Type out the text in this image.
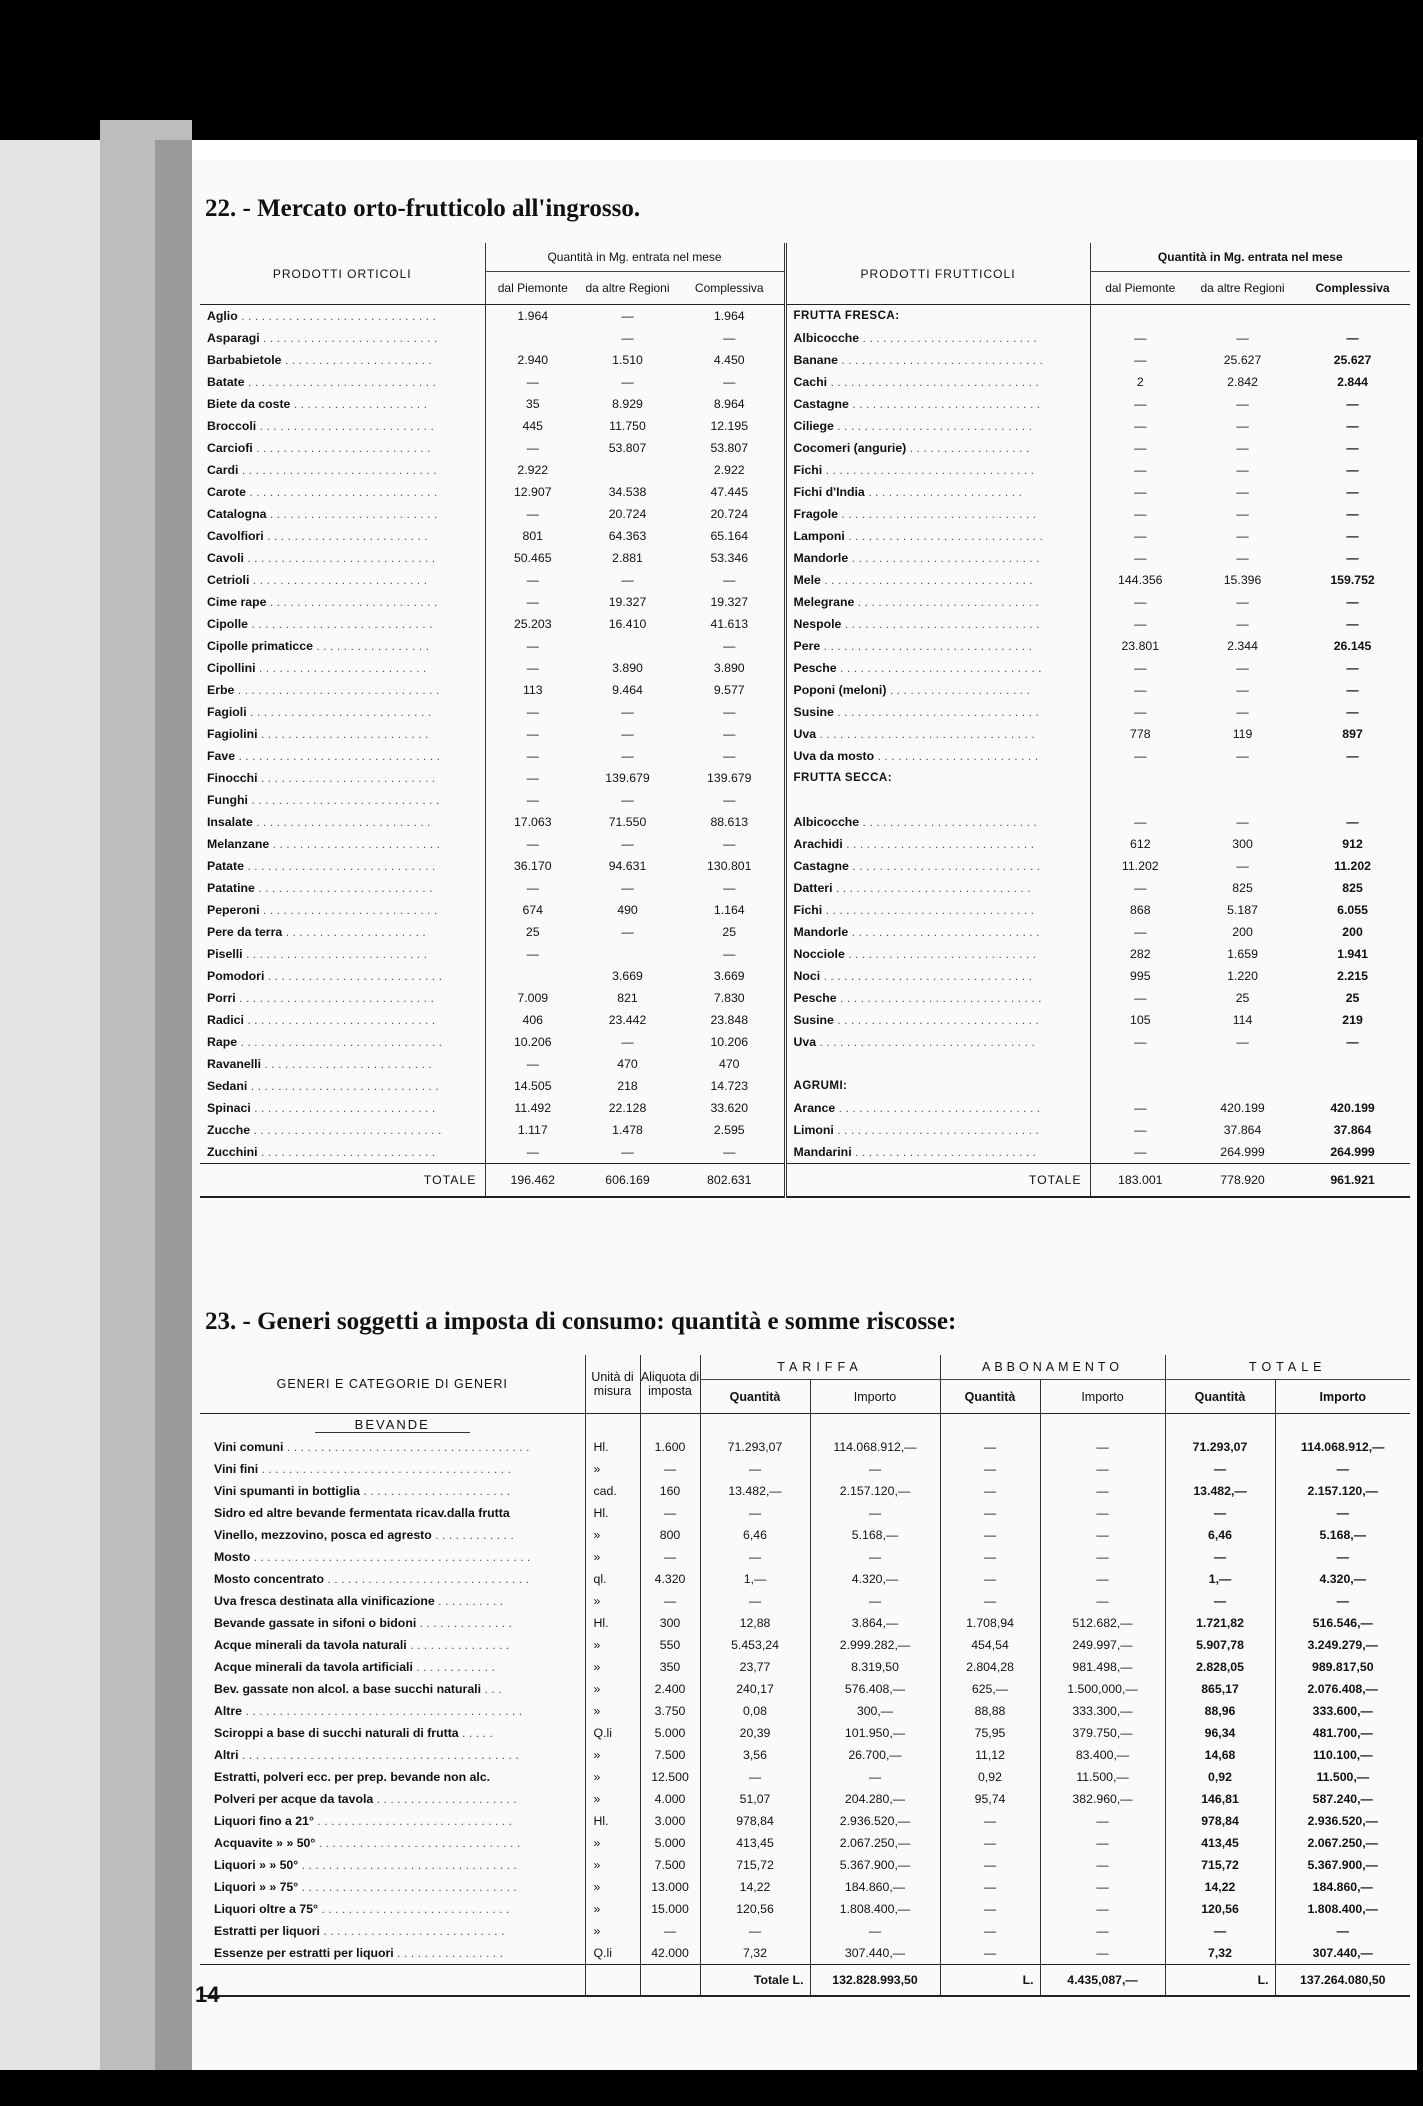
22. - Mercato orto-frutticolo all'ingrosso.
PRODOTTI ORTICOLI	Quantità in Mg. entrata nel mese			PRODOTTI FRUTTICOLI	Quantità in Mg. entrata nel mese		
	dal Piemonte	da altre Regioni	Complessiva		dal Piemonte	da altre Regioni	Complessiva
Aglio . . . . . . . . . . . . . . . . . . . . . . . . . . . . .	1.964	—	1.964	FRUTTA FRESCA:			
Asparagi . . . . . . . . . . . . . . . . . . . . . . . . . .		—	—	Albicocche . . . . . . . . . . . . . . . . . . . . . . . . . .	—	—	—
Barbabietole . . . . . . . . . . . . . . . . . . . . . .	2.940	1.510	4.450	Banane . . . . . . . . . . . . . . . . . . . . . . . . . . . . . .	—	25.627	25.627
Batate . . . . . . . . . . . . . . . . . . . . . . . . . . . .	—	—	—	Cachi . . . . . . . . . . . . . . . . . . . . . . . . . . . . . . .	2	2.842	2.844
Biete da coste . . . . . . . . . . . . . . . . . . . .	35	8.929	8.964	Castagne . . . . . . . . . . . . . . . . . . . . . . . . . . . .	—	—	—
Broccoli . . . . . . . . . . . . . . . . . . . . . . . . . .	445	11.750	12.195	Ciliege . . . . . . . . . . . . . . . . . . . . . . . . . . . . .	—	—	—
Carciofi . . . . . . . . . . . . . . . . . . . . . . . . . .	—	53.807	53.807	Cocomeri (angurie) . . . . . . . . . . . . . . . . . .	—	—	—
Cardi . . . . . . . . . . . . . . . . . . . . . . . . . . . . .	2.922		2.922	Fichi . . . . . . . . . . . . . . . . . . . . . . . . . . . . . . .	—	—	—
Carote . . . . . . . . . . . . . . . . . . . . . . . . . . . .	12.907	34.538	47.445	Fichi d'India . . . . . . . . . . . . . . . . . . . . . . .	—	—	—
Catalogna . . . . . . . . . . . . . . . . . . . . . . . . .	—	20.724	20.724	Fragole . . . . . . . . . . . . . . . . . . . . . . . . . . . . .	—	—	—
Cavolfiori . . . . . . . . . . . . . . . . . . . . . . . .	801	64.363	65.164	Lamponi . . . . . . . . . . . . . . . . . . . . . . . . . . . . .	—	—	—
Cavoli . . . . . . . . . . . . . . . . . . . . . . . . . . . .	50.465	2.881	53.346	Mandorle . . . . . . . . . . . . . . . . . . . . . . . . . . . .	—	—	—
Cetrioli . . . . . . . . . . . . . . . . . . . . . . . . . .	—	—	—	Mele . . . . . . . . . . . . . . . . . . . . . . . . . . . . . . .	144.356	15.396	159.752
Cime rape . . . . . . . . . . . . . . . . . . . . . . . . .	—	19.327	19.327	Melegrane . . . . . . . . . . . . . . . . . . . . . . . . . . .	—	—	—
Cipolle . . . . . . . . . . . . . . . . . . . . . . . . . . .	25.203	16.410	41.613	Nespole . . . . . . . . . . . . . . . . . . . . . . . . . . . . .	—	—	—
Cipolle primaticce . . . . . . . . . . . . . . . . .	—		—	Pere . . . . . . . . . . . . . . . . . . . . . . . . . . . . . . .	23.801	2.344	26.145
Cipollini . . . . . . . . . . . . . . . . . . . . . . . . .	—	3.890	3.890	Pesche . . . . . . . . . . . . . . . . . . . . . . . . . . . . . .	—	—	—
Erbe . . . . . . . . . . . . . . . . . . . . . . . . . . . . . .	113	9.464	9.577	Poponi (meloni) . . . . . . . . . . . . . . . . . . . . .	—	—	—
Fagioli . . . . . . . . . . . . . . . . . . . . . . . . . . .	—	—	—	Susine . . . . . . . . . . . . . . . . . . . . . . . . . . . . . .	—	—	—
Fagiolini . . . . . . . . . . . . . . . . . . . . . . . . .	—	—	—	Uva . . . . . . . . . . . . . . . . . . . . . . . . . . . . . . . .	778	119	897
Fave . . . . . . . . . . . . . . . . . . . . . . . . . . . . . .	—	—	—	Uva da mosto . . . . . . . . . . . . . . . . . . . . . . . .	—	—	—
Finocchi . . . . . . . . . . . . . . . . . . . . . . . . . .	—	139.679	139.679	FRUTTA SECCA:			
Funghi . . . . . . . . . . . . . . . . . . . . . . . . . . . .	—	—	—				
Insalate . . . . . . . . . . . . . . . . . . . . . . . . . .	17.063	71.550	88.613	Albicocche . . . . . . . . . . . . . . . . . . . . . . . . . .	—	—	—
Melanzane . . . . . . . . . . . . . . . . . . . . . . . . .	—	—	—	Arachidi . . . . . . . . . . . . . . . . . . . . . . . . . . . .	612	300	912
Patate . . . . . . . . . . . . . . . . . . . . . . . . . . . .	36.170	94.631	130.801	Castagne . . . . . . . . . . . . . . . . . . . . . . . . . . . .	11.202	—	11.202
Patatine . . . . . . . . . . . . . . . . . . . . . . . . . .	—	—	—	Datteri . . . . . . . . . . . . . . . . . . . . . . . . . . . . .	—	825	825
Peperoni . . . . . . . . . . . . . . . . . . . . . . . . . .	674	490	1.164	Fichi . . . . . . . . . . . . . . . . . . . . . . . . . . . . . . .	868	5.187	6.055
Pere da terra . . . . . . . . . . . . . . . . . . . . .	25	—	25	Mandorle . . . . . . . . . . . . . . . . . . . . . . . . . . . .	—	200	200
Piselli . . . . . . . . . . . . . . . . . . . . . . . . . . .	—		—	Nocciole . . . . . . . . . . . . . . . . . . . . . . . . . . . .	282	1.659	1.941
Pomodori . . . . . . . . . . . . . . . . . . . . . . . . . .		3.669	3.669	Noci . . . . . . . . . . . . . . . . . . . . . . . . . . . . . . .	995	1.220	2.215
Porri . . . . . . . . . . . . . . . . . . . . . . . . . . . . .	7.009	821	7.830	Pesche . . . . . . . . . . . . . . . . . . . . . . . . . . . . . .	—	25	25
Radici . . . . . . . . . . . . . . . . . . . . . . . . . . . .	406	23.442	23.848	Susine . . . . . . . . . . . . . . . . . . . . . . . . . . . . . .	105	114	219
Rape . . . . . . . . . . . . . . . . . . . . . . . . . . . . . .	10.206	—	10.206	Uva . . . . . . . . . . . . . . . . . . . . . . . . . . . . . . . .	—	—	—
Ravanelli . . . . . . . . . . . . . . . . . . . . . . . . .	—	470	470				
Sedani . . . . . . . . . . . . . . . . . . . . . . . . . . . .	14.505	218	14.723	AGRUMI:			
Spinaci . . . . . . . . . . . . . . . . . . . . . . . . . . .	11.492	22.128	33.620	Arance . . . . . . . . . . . . . . . . . . . . . . . . . . . . . .	—	420.199	420.199
Zucche . . . . . . . . . . . . . . . . . . . . . . . . . . . .	1.117	1.478	2.595	Limoni . . . . . . . . . . . . . . . . . . . . . . . . . . . . . .	—	37.864	37.864
Zucchini . . . . . . . . . . . . . . . . . . . . . . . . . .	—	—	—	Mandarini . . . . . . . . . . . . . . . . . . . . . . . . . . .	—	264.999	264.999
TOTALE	196.462	606.169	802.631	TOTALE	183.001	778.920	961.921
23. - Generi soggetti a imposta di consumo: quantità e somme riscosse:
GENERI E CATEGORIE DI GENERI	Unità di misura	Aliquota di imposta	TARIFFA		ABBONAMENTO		TOTALE	
			Quantità	Importo	Quantità	Importo	Quantità	Importo
BEVANDE								
Vini comuni . . . . . . . . . . . . . . . . . . . . . . . . . . . . . . . . . . . .	Hl.	1.600	71.293,07	114.068.912,—	—	—	71.293,07	114.068.912,—
Vini fini . . . . . . . . . . . . . . . . . . . . . . . . . . . . . . . . . . . . .	»	—	—	—	—	—	—	—
Vini spumanti in bottiglia . . . . . . . . . . . . . . . . . . . . . .	cad.	160	13.482,—	2.157.120,—	—	—	13.482,—	2.157.120,—
Sidro ed altre bevande fermentata ricav.dalla frutta	Hl.	—	—	—	—	—	—	—
Vinello, mezzovino, posca ed agresto . . . . . . . . . . . .	»	800	6,46	5.168,—	—	—	6,46	5.168,—
Mosto . . . . . . . . . . . . . . . . . . . . . . . . . . . . . . . . . . . . . . . . .	»	—	—	—	—	—	—	—
Mosto concentrato . . . . . . . . . . . . . . . . . . . . . . . . . . . . . .	ql.	4.320	1,—	4.320,—	—	—	1,—	4.320,—
Uva fresca destinata alla vinificazione . . . . . . . . . .	»	—	—	—	—	—	—	—
Bevande gassate in sifoni o bidoni . . . . . . . . . . . . . .	Hl.	300	12,88	3.864,—	1.708,94	512.682,—	1.721,82	516.546,—
Acque minerali da tavola naturali . . . . . . . . . . . . . . .	»	550	5.453,24	2.999.282,—	454,54	249.997,—	5.907,78	3.249.279,—
Acque minerali da tavola artificiali . . . . . . . . . . . .	»	350	23,77	8.319,50	2.804,28	981.498,—	2.828,05	989.817,50
Bev. gassate non alcol. a base succhi naturali . . .	»	2.400	240,17	576.408,—	625,—	1.500,000,—	865,17	2.076.408,—
Altre . . . . . . . . . . . . . . . . . . . . . . . . . . . . . . . . . . . . . . . . .	»	3.750	0,08	300,—	88,88	333.300,—	88,96	333.600,—
Sciroppi a base di succhi naturali di frutta . . . . .	Q.li	5.000	20,39	101.950,—	75,95	379.750,—	96,34	481.700,—
Altri . . . . . . . . . . . . . . . . . . . . . . . . . . . . . . . . . . . . . . . . .	»	7.500	3,56	26.700,—	11,12	83.400,—	14,68	110.100,—
Estratti, polveri ecc. per prep. bevande non alc.	»	12.500	—	—	0,92	11.500,—	0,92	11.500,—
Polveri per acque da tavola . . . . . . . . . . . . . . . . . . . . .	»	4.000	51,07	204.280,—	95,74	382.960,—	146,81	587.240,—
Liquori fino a 21° . . . . . . . . . . . . . . . . . . . . . . . . . . . . .	Hl.	3.000	978,84	2.936.520,—	—	—	978,84	2.936.520,—
Acquavite » » 50° . . . . . . . . . . . . . . . . . . . . . . . . . . . . . .	»	5.000	413,45	2.067.250,—	—	—	413,45	2.067.250,—
Liquori » » 50° . . . . . . . . . . . . . . . . . . . . . . . . . . . . . . . .	»	7.500	715,72	5.367.900,—	—	—	715,72	5.367.900,—
Liquori » » 75° . . . . . . . . . . . . . . . . . . . . . . . . . . . . . . . .	»	13.000	14,22	184.860,—	—	—	14,22	184.860,—
Liquori oltre a 75° . . . . . . . . . . . . . . . . . . . . . . . . . . . .	»	15.000	120,56	1.808.400,—	—	—	120,56	1.808.400,—
Estratti per liquori . . . . . . . . . . . . . . . . . . . . . . . . . . .	»	—	—	—	—	—	—	—
Essenze per estratti per liquori . . . . . . . . . . . . . . . .	Q.li	42.000	7,32	307.440,—	—	—	7,32	307.440,—
			Totale L.	132.828.993,50	L.	4.435,087,—	L.	137.264.080,50
14
